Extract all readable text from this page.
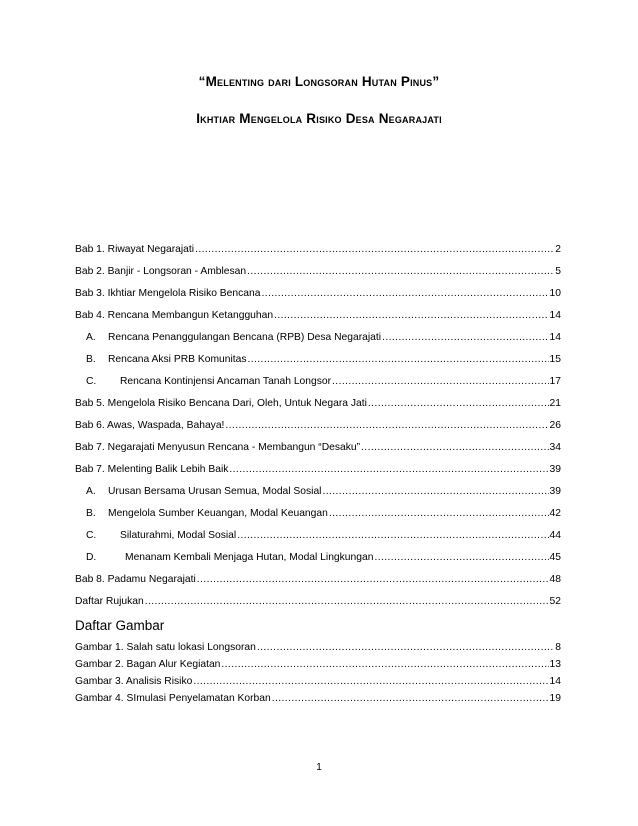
“Melenting dari Longsoran Hutan Pinus”
Ikhtiar Mengelola Risiko Desa Negarajati
Bab 1. Riwayat Negarajati .....	2
Bab 2. Banjir - Longsoran - Amblesan .....	5
Bab 3. Ikhtiar Mengelola Risiko Bencana .....	10
Bab 4. Rencana Membangun Ketangguhan .....	14
A. Rencana Penanggulangan Bencana (RPB) Desa Negarajati .....	14
B. Rencana Aksi PRB Komunitas .....	15
C. Rencana Kontinjensi Ancaman Tanah Longsor .....	17
Bab 5. Mengelola Risiko Bencana Dari, Oleh, Untuk Negara Jati .....	21
Bab 6. Awas, Waspada, Bahaya! .....	26
Bab 7. Negarajati Menyusun Rencana - Membangun “Desaku” .....	34
Bab 7. Melenting Balik Lebih Baik .....	39
A. Urusan Bersama Urusan Semua, Modal Sosial .....	39
B. Mengelola Sumber Keuangan, Modal Keuangan .....	42
C. Silaturahmi, Modal Sosial .....	44
D.	Menanam Kembali Menjaga Hutan, Modal Lingkungan .....	45
Bab 8. Padamu Negarajati .....	48
Daftar Rujukan .....	52
Daftar Gambar
Gambar 1. Salah satu lokasi Longsoran .....	8
Gambar 2. Bagan Alur Kegiatan .....	13
Gambar 3. Analisis Risiko .....	14
Gambar 4. SImulasi Penyelamatan Korban .....	19
1
